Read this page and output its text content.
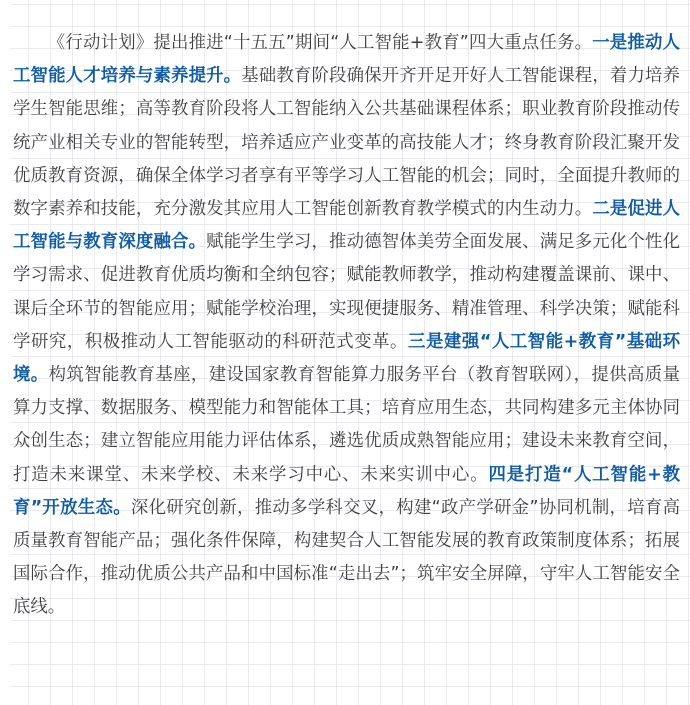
《行动计划》提出推进“十五五”期间“人工智能+教育”四大重点任务。一是推动人工智能人才培养与素养提升。基础教育阶段确保开齐开足开好人工智能课程，着力培养学生智能思维；高等教育阶段将人工智能纳入公共基础课程体系；职业教育阶段推动传统产业相关专业的智能转型，培养适应产业变革的高技能人才；终身教育阶段汇聚开发优质教育资源，确保全体学习者享有平等学习人工智能的机会；同时，全面提升教师的数字素养和技能，充分激发其应用人工智能创新教育教学模式的内生动力。二是促进人工智能与教育深度融合。赋能学生学习，推动德智体美劳全面发展、满足多元化个性化学习需求、促进教育优质均衡和全纳包容；赋能教师教学，推动构建覆盖课前、课中、课后全环节的智能应用；赋能学校治理，实现便捷服务、精准管理、科学决策；赋能科学研究，积极推动人工智能驱动的科研范式变革。三是建强“人工智能+教育”基础环境。构筑智能教育基座，建设国家教育智能算力服务平台（教育智联网），提供高质量算力支撑、数据服务、模型能力和智能体工具；培育应用生态，共同构建多元主体协同众创生态；建立智能应用能力评估体系，遴选优质成熟智能应用；建设未来教育空间，打造未来课堂、未来学校、未来学习中心、未来实训中心。四是打造“人工智能+教育”开放生态。深化研究创新，推动多学科交叉，构建“政产学研金”协同机制，培育高质量教育智能产品；强化条件保障，构建契合人工智能发展的教育政策制度体系；拓展国际合作，推动优质公共产品和中国标准“走出去”；筑牢安全屏障，守牢人工智能安全底线。
